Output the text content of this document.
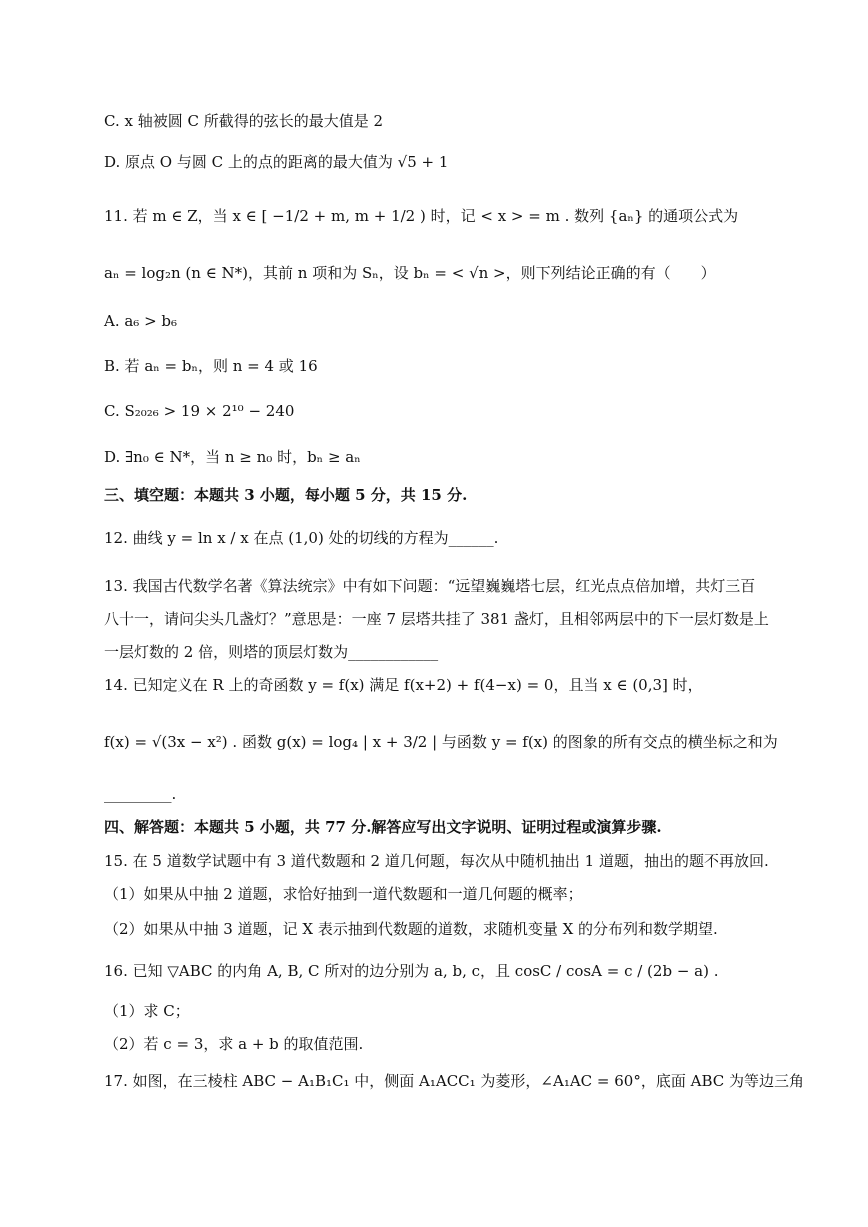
C. x 轴被圆 C 所截得的弦长的最大值是 2
D. 原点 O 与圆 C 上的点的距离的最大值为 √5 + 1
11. 若 m ∈ Z，当 x ∈ [ −1/2 + m, m + 1/2 ) 时，记 < x > = m . 数列 {aₙ} 的通项公式为
aₙ = log₂n (n ∈ N*)，其前 n 项和为 Sₙ，设 bₙ = < √n >，则下列结论正确的有（　　）
A. a₆ > b₆
B. 若 aₙ = bₙ，则 n = 4 或 16
C. S₂₀₂₆ > 19 × 2¹⁰ − 240
D. ∃n₀ ∈ N*，当 n ≥ n₀ 时，bₙ ≥ aₙ
三、填空题：本题共 3 小题，每小题 5 分，共 15 分.
12. 曲线 y = ln x / x 在点 (1,0) 处的切线的方程为______.
13. 我国古代数学名著《算法统宗》中有如下问题：“远望巍巍塔七层，红光点点倍加增，共灯三百
八十一，请问尖头几盏灯？”意思是：一座 7 层塔共挂了 381 盏灯，且相邻两层中的下一层灯数是上
一层灯数的 2 倍，则塔的顶层灯数为____________
14. 已知定义在 R 上的奇函数 y = f(x) 满足 f(x+2) + f(4−x) = 0，且当 x ∈ (0,3] 时，
f(x) = √(3x − x²) . 函数 g(x) = log₄ | x + 3/2 | 与函数 y = f(x) 的图象的所有交点的横坐标之和为
_________.
四、解答题：本题共 5 小题，共 77 分.解答应写出文字说明、证明过程或演算步骤.
15. 在 5 道数学试题中有 3 道代数题和 2 道几何题，每次从中随机抽出 1 道题，抽出的题不再放回.
（1）如果从中抽 2 道题，求恰好抽到一道代数题和一道几何题的概率；
（2）如果从中抽 3 道题，记 X 表示抽到代数题的道数，求随机变量 X 的分布列和数学期望.
16. 已知 ▽ABC 的内角 A, B, C 所对的边分别为 a, b, c，且 cosC / cosA = c / (2b − a) .
（1）求 C；
（2）若 c = 3，求 a + b 的取值范围.
17. 如图，在三棱柱 ABC − A₁B₁C₁ 中，侧面 A₁ACC₁ 为菱形，∠A₁AC = 60°，底面 ABC 为等边三角
